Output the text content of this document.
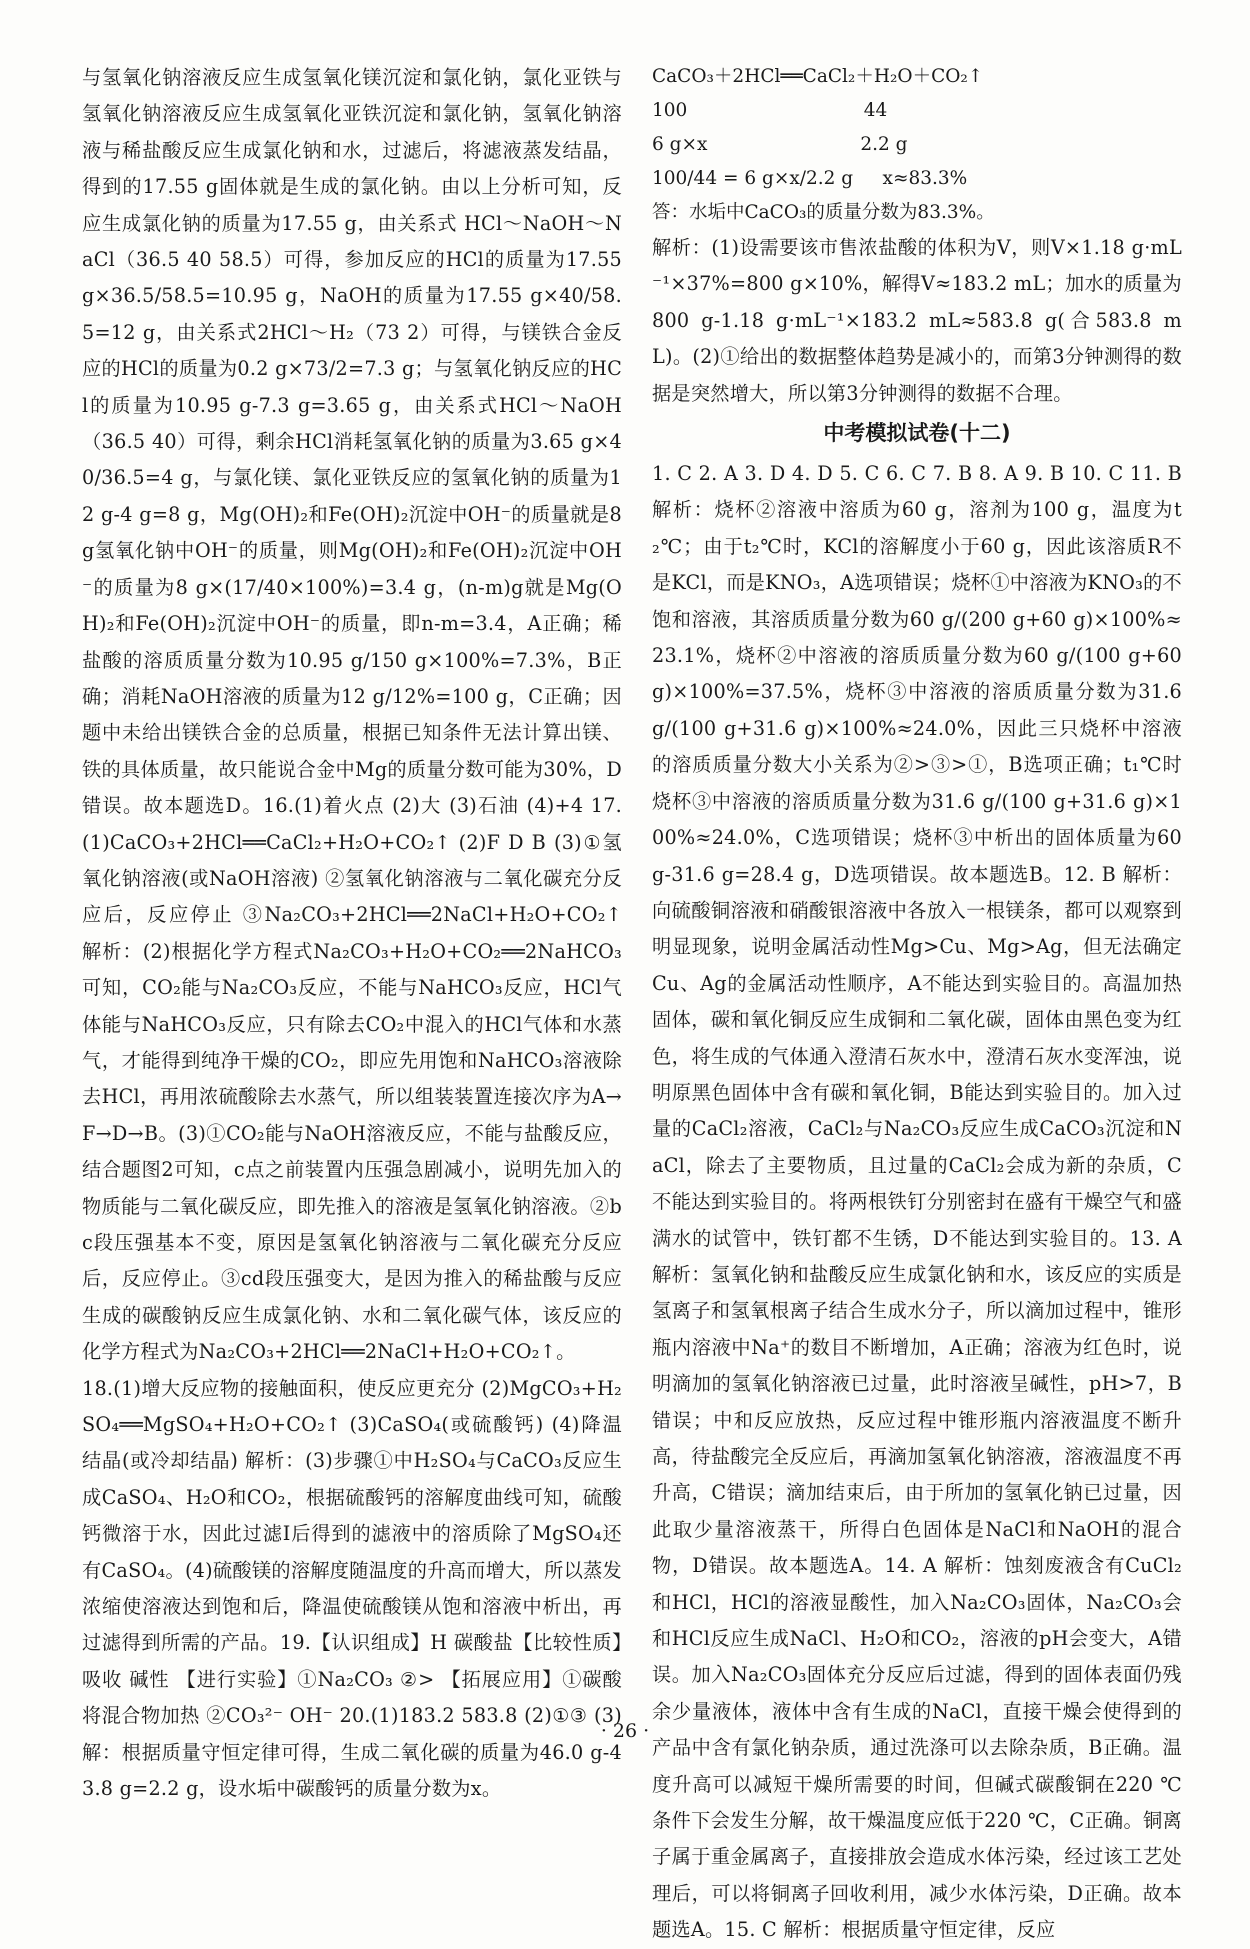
与氢氧化钠溶液反应生成氢氧化镁沉淀和氯化钠，氯化亚铁与氢氧化钠溶液反应生成氢氧化亚铁沉淀和氯化钠，氢氧化钠溶液与稀盐酸反应生成氯化钠和水，过滤后，将滤液蒸发结晶，得到的17.55 g固体就是生成的氯化钠。由以上分析可知，反应生成氯化钠的质量为17.55 g，由关系式 HCl～NaOH～NaCl（36.5 40 58.5）可得，参加反应的HCl的质量为17.55 g×36.5/58.5=10.95 g，NaOH的质量为17.55 g×40/58.5=12 g，由关系式2HCl～H₂（73 2）可得，与镁铁合金反应的HCl的质量为0.2 g×73/2=7.3 g；与氢氧化钠反应的HCl的质量为10.95 g-7.3 g=3.65 g，由关系式HCl～NaOH（36.5 40）可得，剩余HCl消耗氢氧化钠的质量为3.65 g×40/36.5=4 g，与氯化镁、氯化亚铁反应的氢氧化钠的质量为12 g-4 g=8 g，Mg(OH)₂和Fe(OH)₂沉淀中OH⁻的质量就是8 g氢氧化钠中OH⁻的质量，则Mg(OH)₂和Fe(OH)₂沉淀中OH⁻的质量为8 g×(17/40×100%)=3.4 g，(n-m)g就是Mg(OH)₂和Fe(OH)₂沉淀中OH⁻的质量，即n-m=3.4，A正确；稀盐酸的溶质质量分数为10.95 g/150 g×100%=7.3%，B正确；消耗NaOH溶液的质量为12 g/12%=100 g，C正确；因题中未给出镁铁合金的总质量，根据已知条件无法计算出镁、铁的具体质量，故只能说合金中Mg的质量分数可能为30%，D错误。故本题选D。16.(1)着火点 (2)大 (3)石油 (4)+4 17.(1)CaCO₃+2HCl══CaCl₂+H₂O+CO₂↑ (2)F D B (3)①氢氧化钠溶液(或NaOH溶液) ②氢氧化钠溶液与二氧化碳充分反应后，反应停止 ③Na₂CO₃+2HCl══2NaCl+H₂O+CO₂↑ 解析：(2)根据化学方程式Na₂CO₃+H₂O+CO₂══2NaHCO₃可知，CO₂能与Na₂CO₃反应，不能与NaHCO₃反应，HCl气体能与NaHCO₃反应，只有除去CO₂中混入的HCl气体和水蒸气，才能得到纯净干燥的CO₂，即应先用饱和NaHCO₃溶液除去HCl，再用浓硫酸除去水蒸气，所以组装装置连接次序为A→F→D→B。(3)①CO₂能与NaOH溶液反应，不能与盐酸反应，结合题图2可知，c点之前装置内压强急剧减小，说明先加入的物质能与二氧化碳反应，即先推入的溶液是氢氧化钠溶液。②bc段压强基本不变，原因是氢氧化钠溶液与二氧化碳充分反应后，反应停止。③cd段压强变大，是因为推入的稀盐酸与反应生成的碳酸钠反应生成氯化钠、水和二氧化碳气体，该反应的化学方程式为Na₂CO₃+2HCl══2NaCl+H₂O+CO₂↑。

18.(1)增大反应物的接触面积，使反应更充分 (2)MgCO₃+H₂SO₄══MgSO₄+H₂O+CO₂↑ (3)CaSO₄(或硫酸钙) (4)降温结晶(或冷却结晶) 解析：(3)步骤①中H₂SO₄与CaCO₃反应生成CaSO₄、H₂O和CO₂，根据硫酸钙的溶解度曲线可知，硫酸钙微溶于水，因此过滤Ⅰ后得到的滤液中的溶质除了MgSO₄还有CaSO₄。(4)硫酸镁的溶解度随温度的升高而增大，所以蒸发浓缩使溶液达到饱和后，降温使硫酸镁从饱和溶液中析出，再过滤得到所需的产品。19.【认识组成】H 碳酸盐【比较性质】吸收 碱性 【进行实验】①Na₂CO₃ ②> 【拓展应用】①碳酸 将混合物加热 ②CO₃²⁻ OH⁻ 20.(1)183.2 583.8 (2)①③ (3)解：根据质量守恒定律可得，生成二氧化碳的质量为46.0 g-43.8 g=2.2 g，设水垢中碳酸钙的质量分数为x。

CaCO₃＋2HCl══CaCl₂＋H₂O＋CO₂↑

100                              44

6 g×x                          2.2 g

100/44 = 6 g×x/2.2 g     x≈83.3%

答：水垢中CaCO₃的质量分数为83.3%。

解析：(1)设需要该市售浓盐酸的体积为V，则V×1.18 g·mL⁻¹×37%=800 g×10%，解得V≈183.2 mL；加水的质量为800 g-1.18 g·mL⁻¹×183.2 mL≈583.8 g(合583.8 mL)。(2)①给出的数据整体趋势是减小的，而第3分钟测得的数据是突然增大，所以第3分钟测得的数据不合理。

中考模拟试卷(十二)

1. C 2. A 3. D 4. D 5. C 6. C 7. B 8. A 9. B 10. C 11. B 解析：烧杯②溶液中溶质为60 g，溶剂为100 g，温度为t₂℃；由于t₂℃时，KCl的溶解度小于60 g，因此该溶质R不是KCl，而是KNO₃，A选项错误；烧杯①中溶液为KNO₃的不饱和溶液，其溶质质量分数为60 g/(200 g+60 g)×100%≈23.1%，烧杯②中溶液的溶质质量分数为60 g/(100 g+60 g)×100%=37.5%，烧杯③中溶液的溶质质量分数为31.6 g/(100 g+31.6 g)×100%≈24.0%，因此三只烧杯中溶液的溶质质量分数大小关系为②>③>①，B选项正确；t₁℃时烧杯③中溶液的溶质质量分数为31.6 g/(100 g+31.6 g)×100%≈24.0%，C选项错误；烧杯③中析出的固体质量为60 g-31.6 g=28.4 g，D选项错误。故本题选B。12. B 解析：向硫酸铜溶液和硝酸银溶液中各放入一根镁条，都可以观察到明显现象，说明金属活动性Mg>Cu、Mg>Ag，但无法确定Cu、Ag的金属活动性顺序，A不能达到实验目的。高温加热固体，碳和氧化铜反应生成铜和二氧化碳，固体由黑色变为红色，将生成的气体通入澄清石灰水中，澄清石灰水变浑浊，说明原黑色固体中含有碳和氧化铜，B能达到实验目的。加入过量的CaCl₂溶液，CaCl₂与Na₂CO₃反应生成CaCO₃沉淀和NaCl，除去了主要物质，且过量的CaCl₂会成为新的杂质，C不能达到实验目的。将两根铁钉分别密封在盛有干燥空气和盛满水的试管中，铁钉都不生锈，D不能达到实验目的。13. A 解析：氢氧化钠和盐酸反应生成氯化钠和水，该反应的实质是氢离子和氢氧根离子结合生成水分子，所以滴加过程中，锥形瓶内溶液中Na⁺的数目不断增加，A正确；溶液为红色时，说明滴加的氢氧化钠溶液已过量，此时溶液呈碱性，pH>7，B错误；中和反应放热，反应过程中锥形瓶内溶液温度不断升高，待盐酸完全反应后，再滴加氢氧化钠溶液，溶液温度不再升高，C错误；滴加结束后，由于所加的氢氧化钠已过量，因此取少量溶液蒸干，所得白色固体是NaCl和NaOH的混合物，D错误。故本题选A。14. A 解析：蚀刻废液含有CuCl₂和HCl，HCl的溶液显酸性，加入Na₂CO₃固体，Na₂CO₃会和HCl反应生成NaCl、H₂O和CO₂，溶液的pH会变大，A错误。加入Na₂CO₃固体充分反应后过滤，得到的固体表面仍残余少量液体，液体中含有生成的NaCl，直接干燥会使得到的产品中含有氯化钠杂质，通过洗涤可以去除杂质，B正确。温度升高可以减短干燥所需要的时间，但碱式碳酸铜在220 ℃条件下会发生分解，故干燥温度应低于220 ℃，C正确。铜离子属于重金属离子，直接排放会造成水体污染，经过该工艺处理后，可以将铜离子回收利用，减少水体污染，D正确。故本题选A。15. C 解析：根据质量守恒定律，反应

· 26 ·
